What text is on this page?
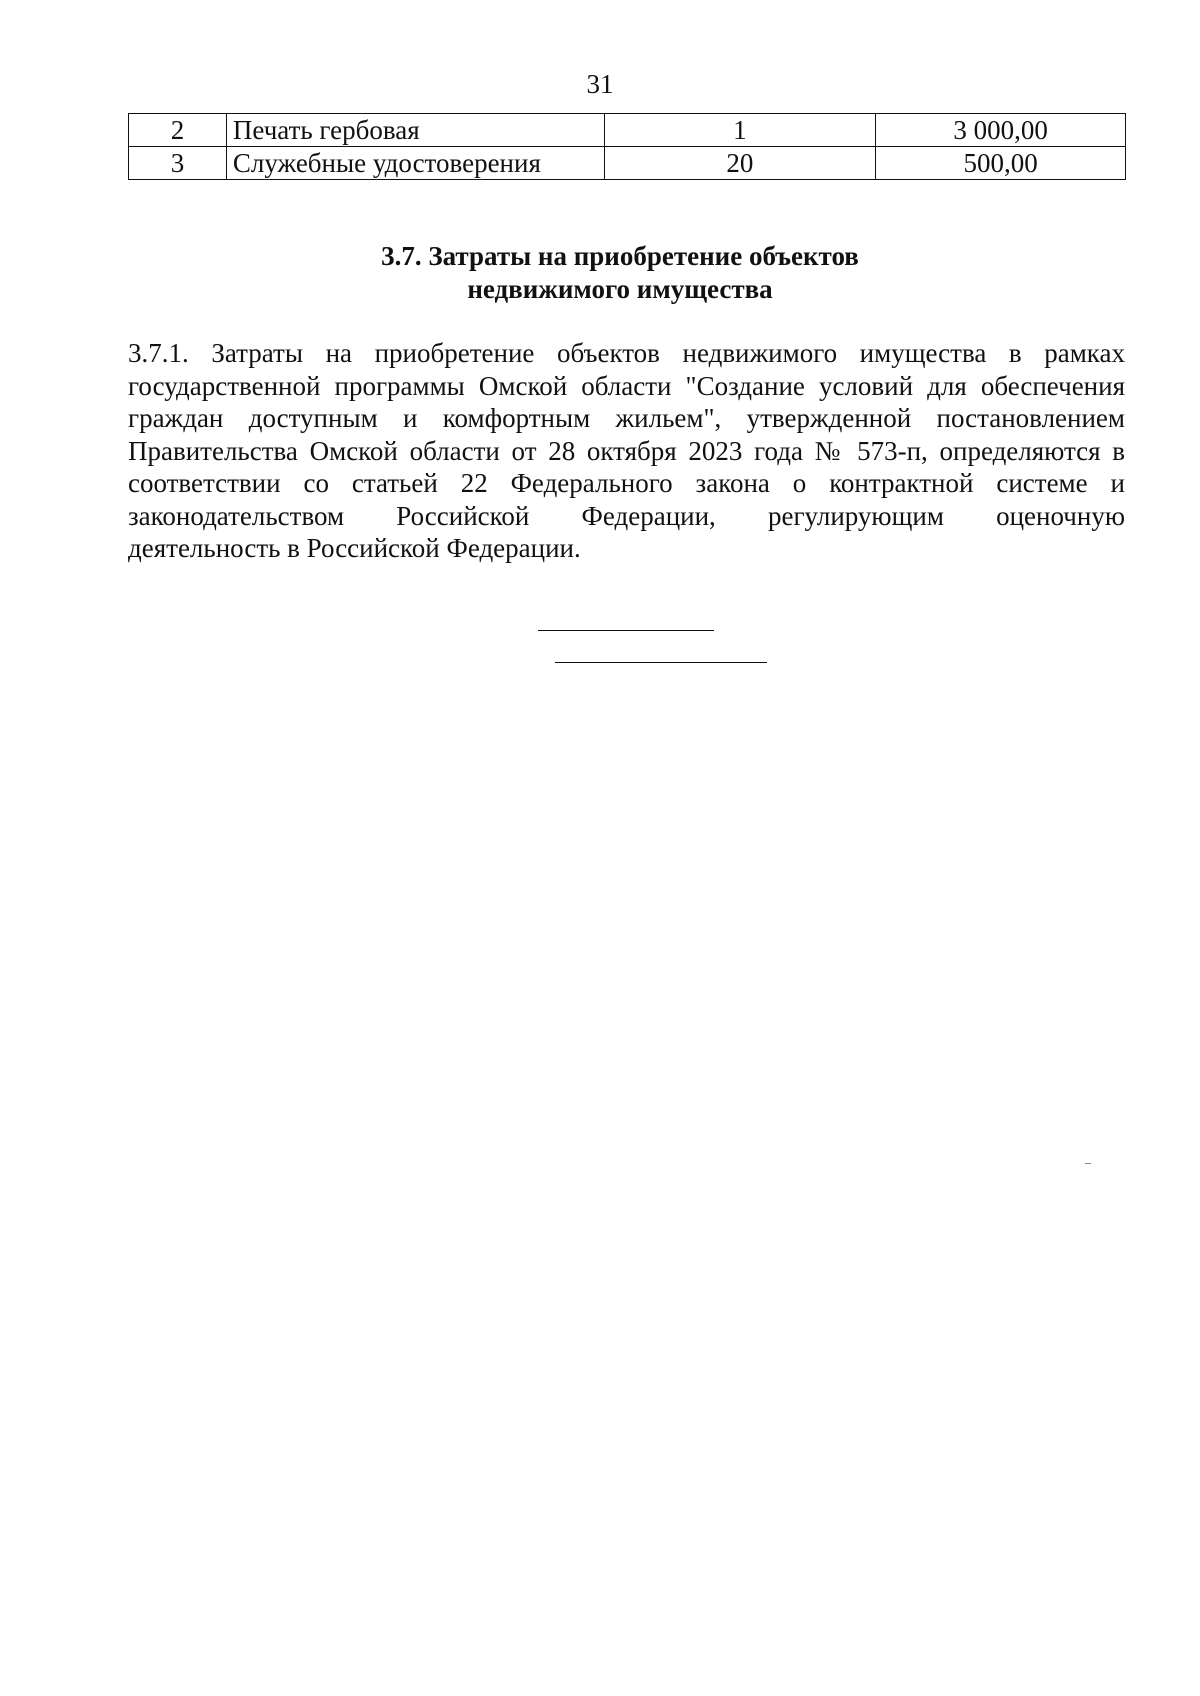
31
2	Печать гербовая	1	3 000,00
3	Служебные удостоверения	20	500,00
3.7. Затраты на приобретение объектов
недвижимого имущества
3.7.1. Затраты на приобретение объектов недвижимого имущества в рамках
государственной программы Омской области "Создание условий для обеспечения
граждан доступным и комфортным жильем", утвержденной постановлением
Правительства Омской области от 28 октября 2023 года № 573-п, определяются в
соответствии со статьей 22 Федерального закона о контрактной системе и
законодательством Российской Федерации, регулирующим оценочную
деятельность в Российской Федерации.
